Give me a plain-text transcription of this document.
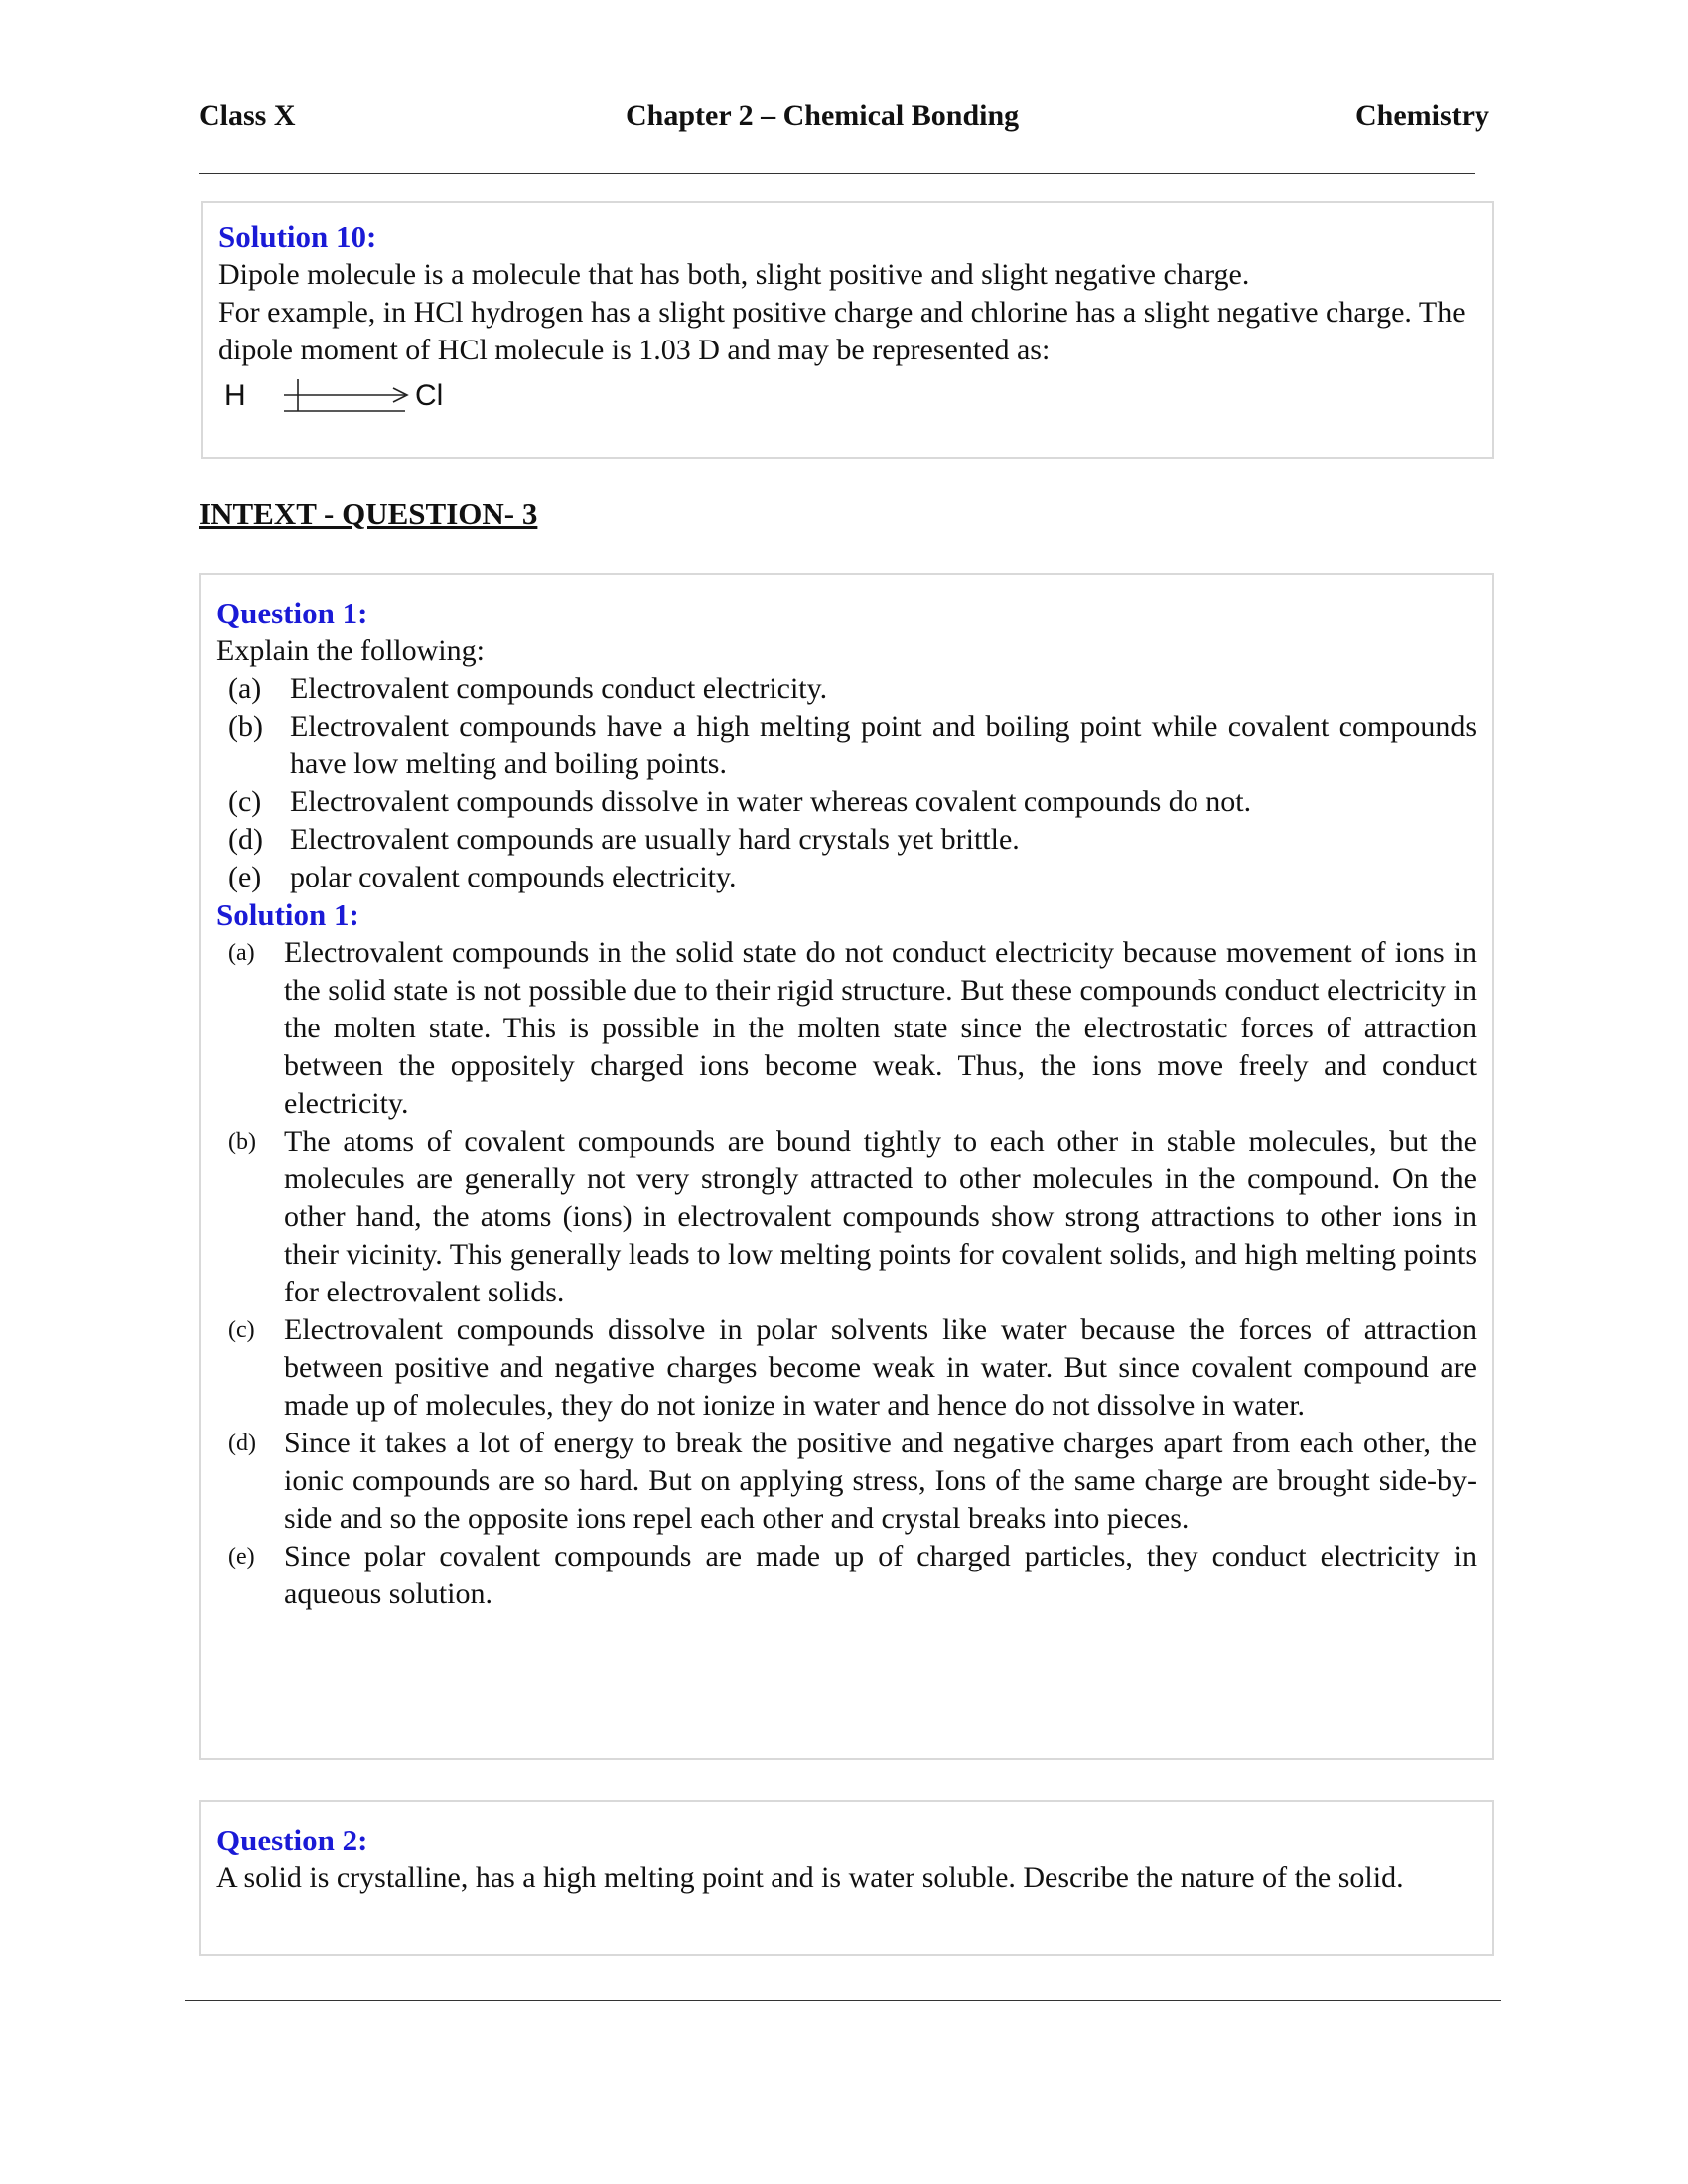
Class X	Chapter 2 – Chemical Bonding	Chemistry
Solution 10:

Dipole molecule is a molecule that has both, slight positive and slight negative charge.

For example, in HCl hydrogen has a slight positive charge and chlorine has a slight negative charge. The dipole moment of HCl molecule is 1.03 D and may be represented as:

H	Cl
INTEXT - QUESTION- 3
Question 1:

Explain the following:

(a) Electrovalent compounds conduct electricity.
(b) Electrovalent compounds have a high melting point and boiling point while covalent compounds have low melting and boiling points.
(c) Electrovalent compounds dissolve in water whereas covalent compounds do not.
(d) Electrovalent compounds are usually hard crystals yet brittle.
(e) polar covalent compounds electricity.
Solution 1:
(a) Electrovalent compounds in the solid state do not conduct electricity because movement of ions in the solid state is not possible due to their rigid structure. But these compounds conduct electricity in the molten state. This is possible in the molten state since the electrostatic forces of attraction between the oppositely charged ions become weak. Thus, the ions move freely and conduct electricity.
(b) The atoms of covalent compounds are bound tightly to each other in stable molecules, but the molecules are generally not very strongly attracted to other molecules in the compound. On the other hand, the atoms (ions) in electrovalent compounds show strong attractions to other ions in their vicinity. This generally leads to low melting points for covalent solids, and high melting points for electrovalent solids.
(c) Electrovalent compounds dissolve in polar solvents like water because the forces of attraction between positive and negative charges become weak in water. But since covalent compound are made up of molecules, they do not ionize in water and hence do not dissolve in water.
(d) Since it takes a lot of energy to break the positive and negative charges apart from each other, the ionic compounds are so hard. But on applying stress, Ions of the same charge are brought side-by-side and so the opposite ions repel each other and crystal breaks into pieces.
(e) Since polar covalent compounds are made up of charged particles, they conduct electricity in aqueous solution.
Question 2:

A solid is crystalline, has a high melting point and is water soluble. Describe the nature of the solid.
